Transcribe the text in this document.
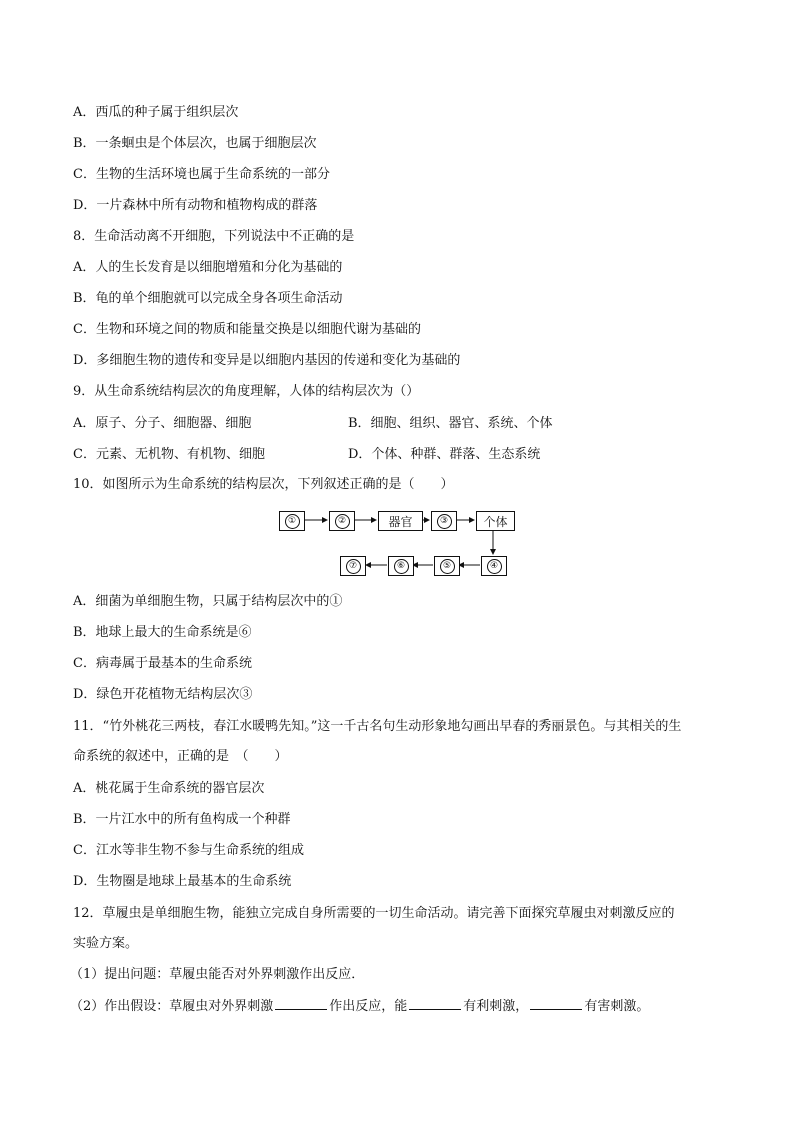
A．西瓜的种子属于组织层次
B．一条蛔虫是个体层次，也属于细胞层次
C．生物的生活环境也属于生命系统的一部分
D．一片森林中所有动物和植物构成的群落
8．生命活动离不开细胞，下列说法中不正确的是
A．人的生长发育是以细胞增殖和分化为基础的
B．龟的单个细胞就可以完成全身各项生命活动
C．生物和环境之间的物质和能量交换是以细胞代谢为基础的
D．多细胞生物的遗传和变异是以细胞内基因的传递和变化为基础的
9．从生命系统结构层次的角度理解，人体的结构层次为（）
A．原子、分子、细胞器、细胞	B．细胞、组织、器官、系统、个体
C．元素、无机物、有机物、细胞	D．个体、种群、群落、生态系统
10．如图所示为生命系统的结构层次，下列叙述正确的是（　　）
①	②	器官	③	个体
④
⑤
⑥
⑦
A．细菌为单细胞生物，只属于结构层次中的①
B．地球上最大的生命系统是⑥
C．病毒属于最基本的生命系统
D．绿色开花植物无结构层次③
11．“竹外桃花三两枝，春江水暖鸭先知。”这一千古名句生动形象地勾画出早春的秀丽景色。与其相关的生
命系统的叙述中，正确的是　（　　）
A．桃花属于生命系统的器官层次
B．一片江水中的所有鱼构成一个种群
C．江水等非生物不参与生命系统的组成
D．生物圈是地球上最基本的生命系统
12．草履虫是单细胞生物，能独立完成自身所需要的一切生命活动。请完善下面探究草履虫对刺激反应的
实验方案。
（1）提出问题：草履虫能否对外界刺激作出反应．
（2）作出假设：草履虫对外界刺激	作出反应，能	有利刺激，	有害刺激。
